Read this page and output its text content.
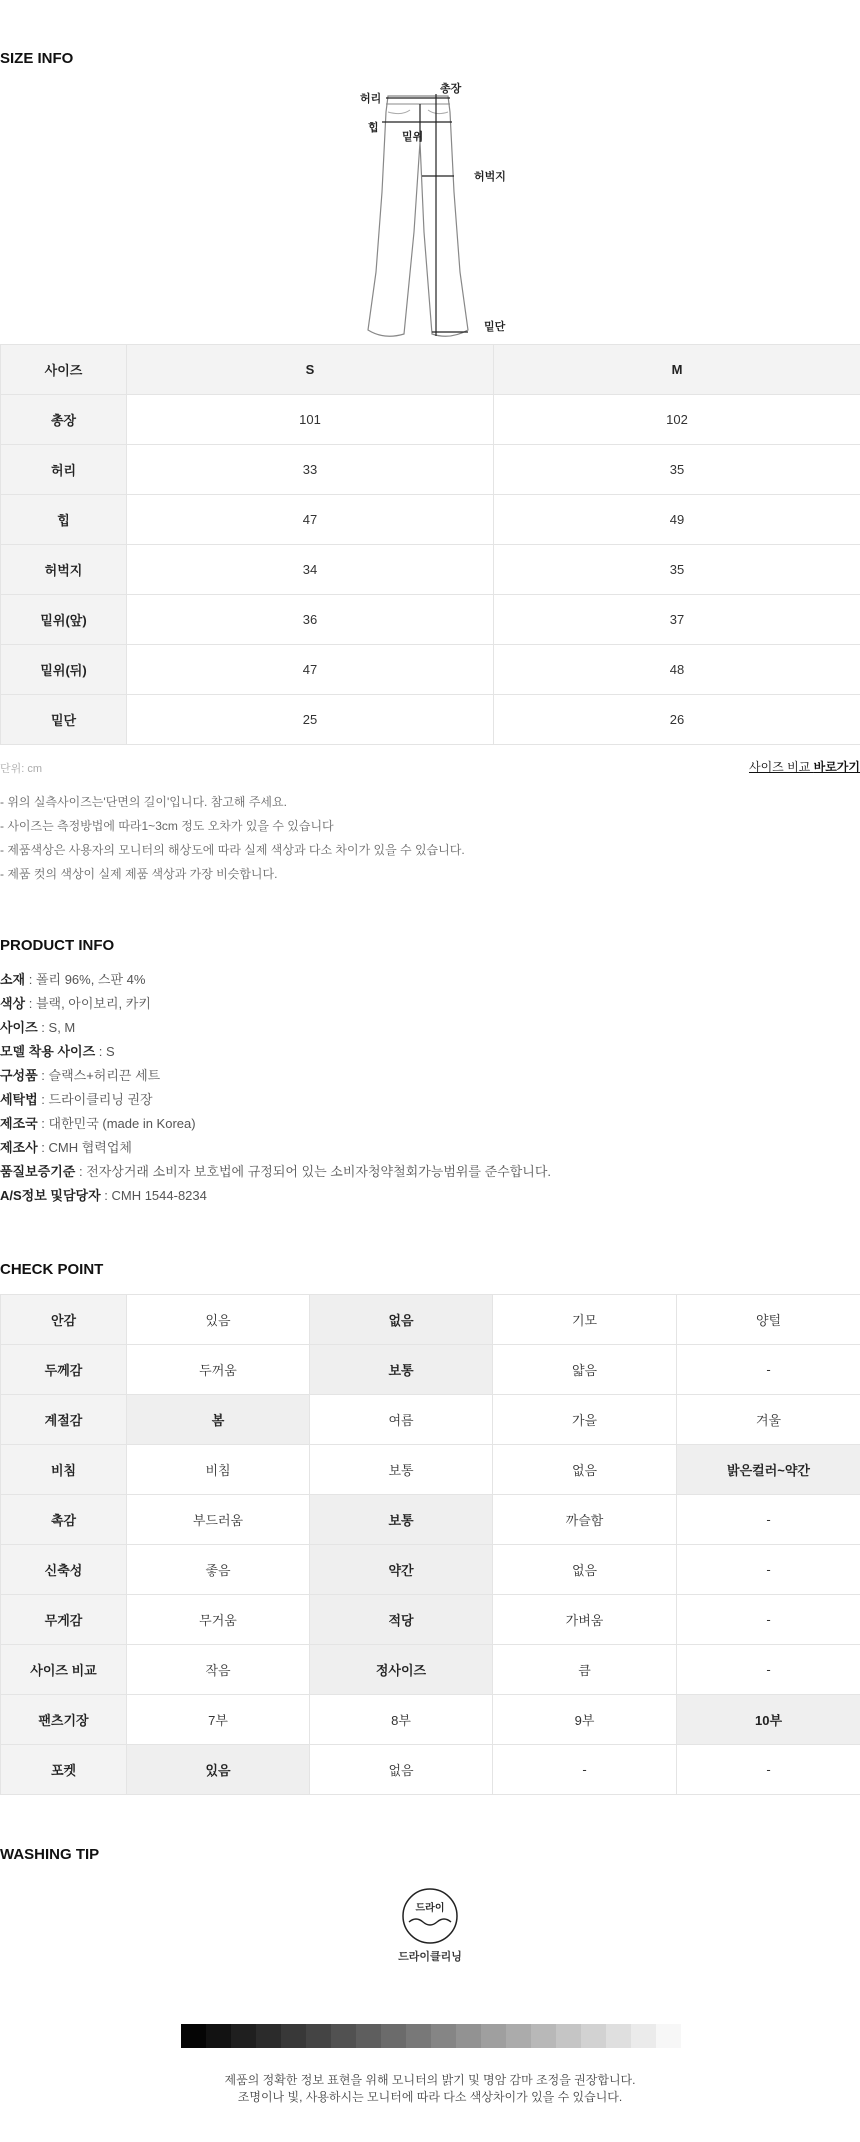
SIZE INFO
허리
총장
힙
밑위
허벅지
밑단
사이즈	S	M
총장	101	102
허리	33	35
힙	47	49
허벅지	34	35
밑위(앞)	36	37
밑위(뒤)	47	48
밑단	25	26
단위: cm	사이즈 비교 바로가기
- 위의 실측사이즈는'단면의 길이'입니다. 참고해 주세요.
- 사이즈는 측정방법에 따라1~3cm 정도 오차가 있을 수 있습니다
- 제품색상은 사용자의 모니터의 해상도에 따라 실제 색상과 다소 차이가 있을 수 있습니다.
- 제품 컷의 색상이 실제 제품 색상과 가장 비슷합니다.
PRODUCT INFO
소재 : 폴리 96%, 스판 4%
색상 : 블랙, 아이보리, 카키
사이즈 : S, M
모델 착용 사이즈 : S
구성품 : 슬랙스+허리끈 세트
세탁법 : 드라이클리닝 권장
제조국 : 대한민국 (made in Korea)
제조사 : CMH 협력업체
품질보증기준 : 전자상거래 소비자 보호법에 규정되어 있는 소비자청약철회가능범위를 준수합니다.
A/S정보 및담당자 : CMH 1544-8234
CHECK POINT
안감	있음	없음	기모	양털
두께감	두꺼움	보통	얇음	-
계절감	봄	여름	가을	겨울
비침	비침	보통	없음	밝은컬러~약간
촉감	부드러움	보통	까슬함	-
신축성	좋음	약간	없음	-
무게감	무거움	적당	가벼움	-
사이즈 비교	작음	정사이즈	큼	-
팬츠기장	7부	8부	9부	10부
포켓	있음	없음	-	-
WASHING TIP
드라이
드라이클리닝
제품의 정확한 정보 표현을 위해 모니터의 밝기 및 명암 감마 조정을 권장합니다.
조명이나 빛, 사용하시는 모니터에 따라 다소 색상차이가 있을 수 있습니다.
